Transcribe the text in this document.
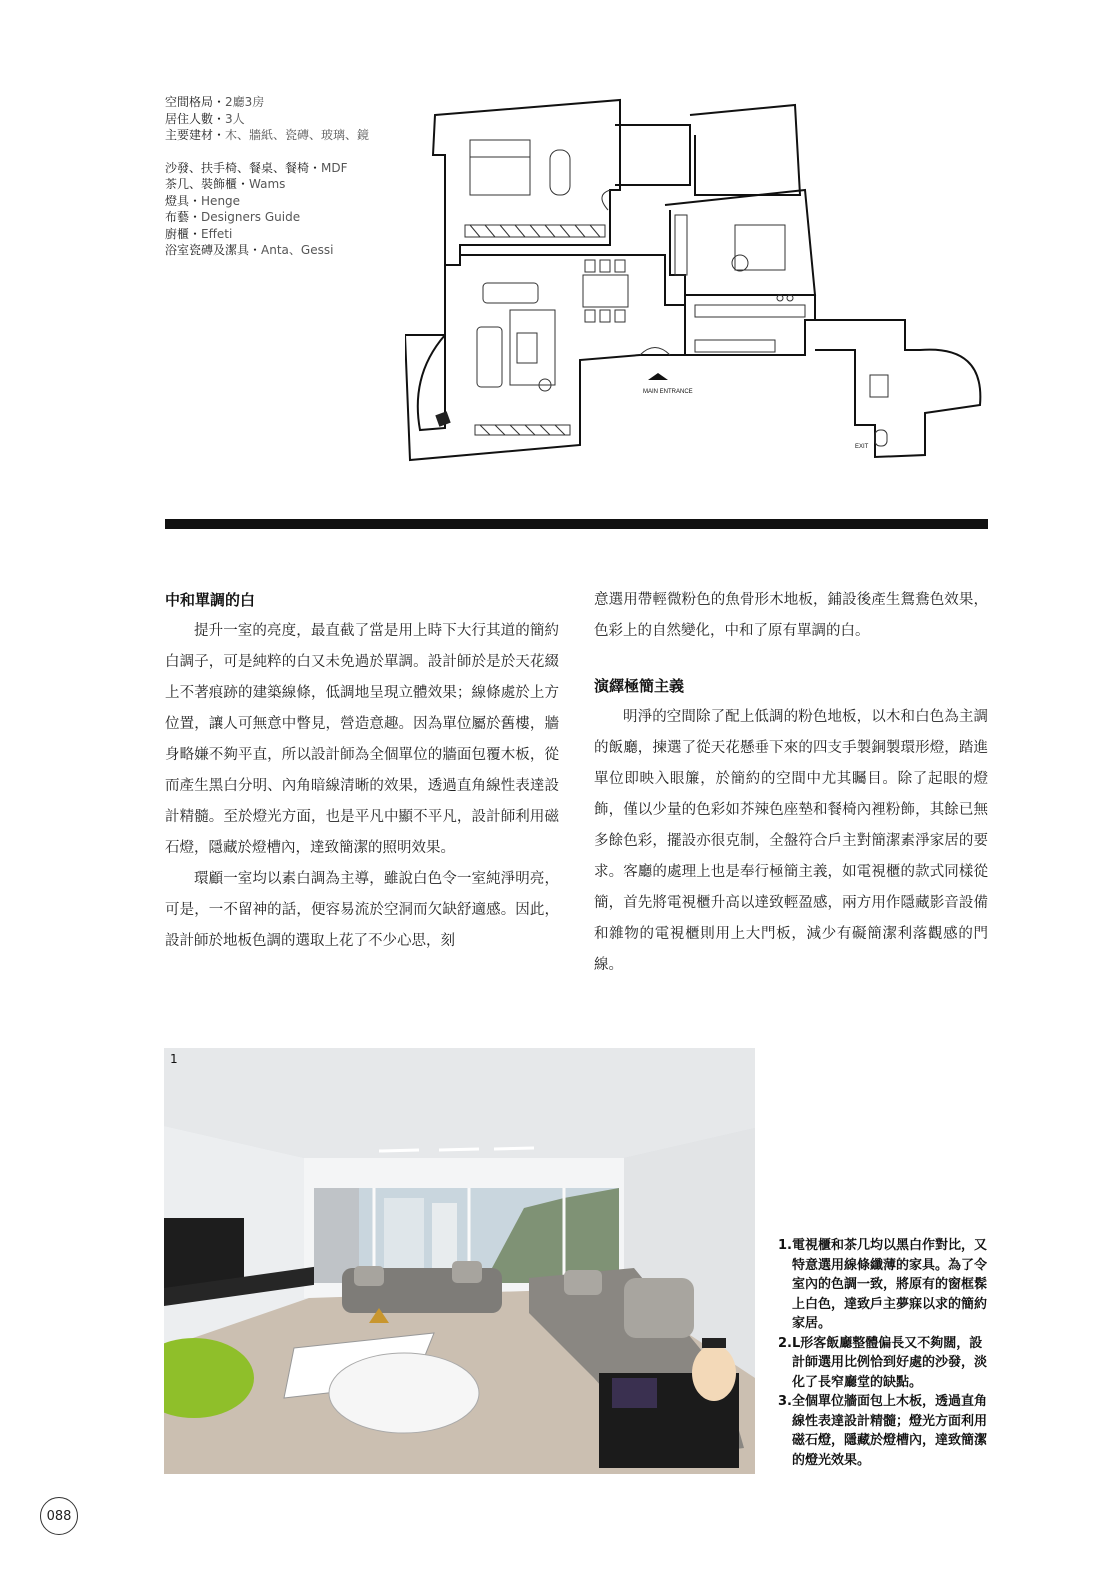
空間格局・2廳3房
居住人數・3人
主要建材・木、牆紙、瓷磚、玻璃、鏡
沙發、扶手椅、餐桌、餐椅・MDF
茶几、裝飾櫃・Wams
燈具・Henge
布藝・Designers Guide
廚櫃・Effeti
浴室瓷磚及潔具・Anta、Gessi
MAIN ENTRANCE
EXIT
中和單調的白

提升一室的亮度，最直截了當是用上時下大行其道的簡約白調子，可是純粹的白又未免過於單調。設計師於是於天花綴上不著痕跡的建築線條，低調地呈現立體效果；線條處於上方位置，讓人可無意中瞥見，營造意趣。因為單位屬於舊樓，牆身略嫌不夠平直，所以設計師為全個單位的牆面包覆木板，從而產生黑白分明、內角暗線清晰的效果，透過直角線性表達設計精髓。至於燈光方面，也是平凡中顯不平凡，設計師利用磁石燈，隱藏於燈槽內，達致簡潔的照明效果。

環顧一室均以素白調為主導，雖說白色令一室純淨明亮，可是，一不留神的話，便容易流於空洞而欠缺舒適感。因此，設計師於地板色調的選取上花了不少心思，刻

意選用帶輕微粉色的魚骨形木地板，鋪設後產生鴛鴦色效果，色彩上的自然變化，中和了原有單調的白。

演繹極簡主義

明淨的空間除了配上低調的粉色地板，以木和白色為主調的飯廳，揀選了從天花懸垂下來的四支手製銅製環形燈，踏進單位即映入眼簾，於簡約的空間中尤其矚目。除了起眼的燈飾，僅以少量的色彩如芥辣色座墊和餐椅內裡粉飾，其餘已無多餘色彩，擺設亦很克制，全盤符合戶主對簡潔素淨家居的要求。客廳的處理上也是奉行極簡主義，如電視櫃的款式同樣從簡，首先將電視櫃升高以達致輕盈感，兩方用作隱藏影音設備和雜物的電視櫃則用上大門板，減少有礙簡潔利落觀感的門線。

1
1. 電視櫃和茶几均以黑白作對比，又特意選用線條纖薄的家具。為了令室內的色調一致，將原有的窗框髹上白色，達致戶主夢寐以求的簡約家居。
2. L形客飯廳整體偏長又不夠闊，設計師選用比例恰到好處的沙發，淡化了長窄廳堂的缺點。
3. 全個單位牆面包上木板，透過直角線性表達設計精髓；燈光方面利用磁石燈，隱藏於燈槽內，達致簡潔的燈光效果。
088
